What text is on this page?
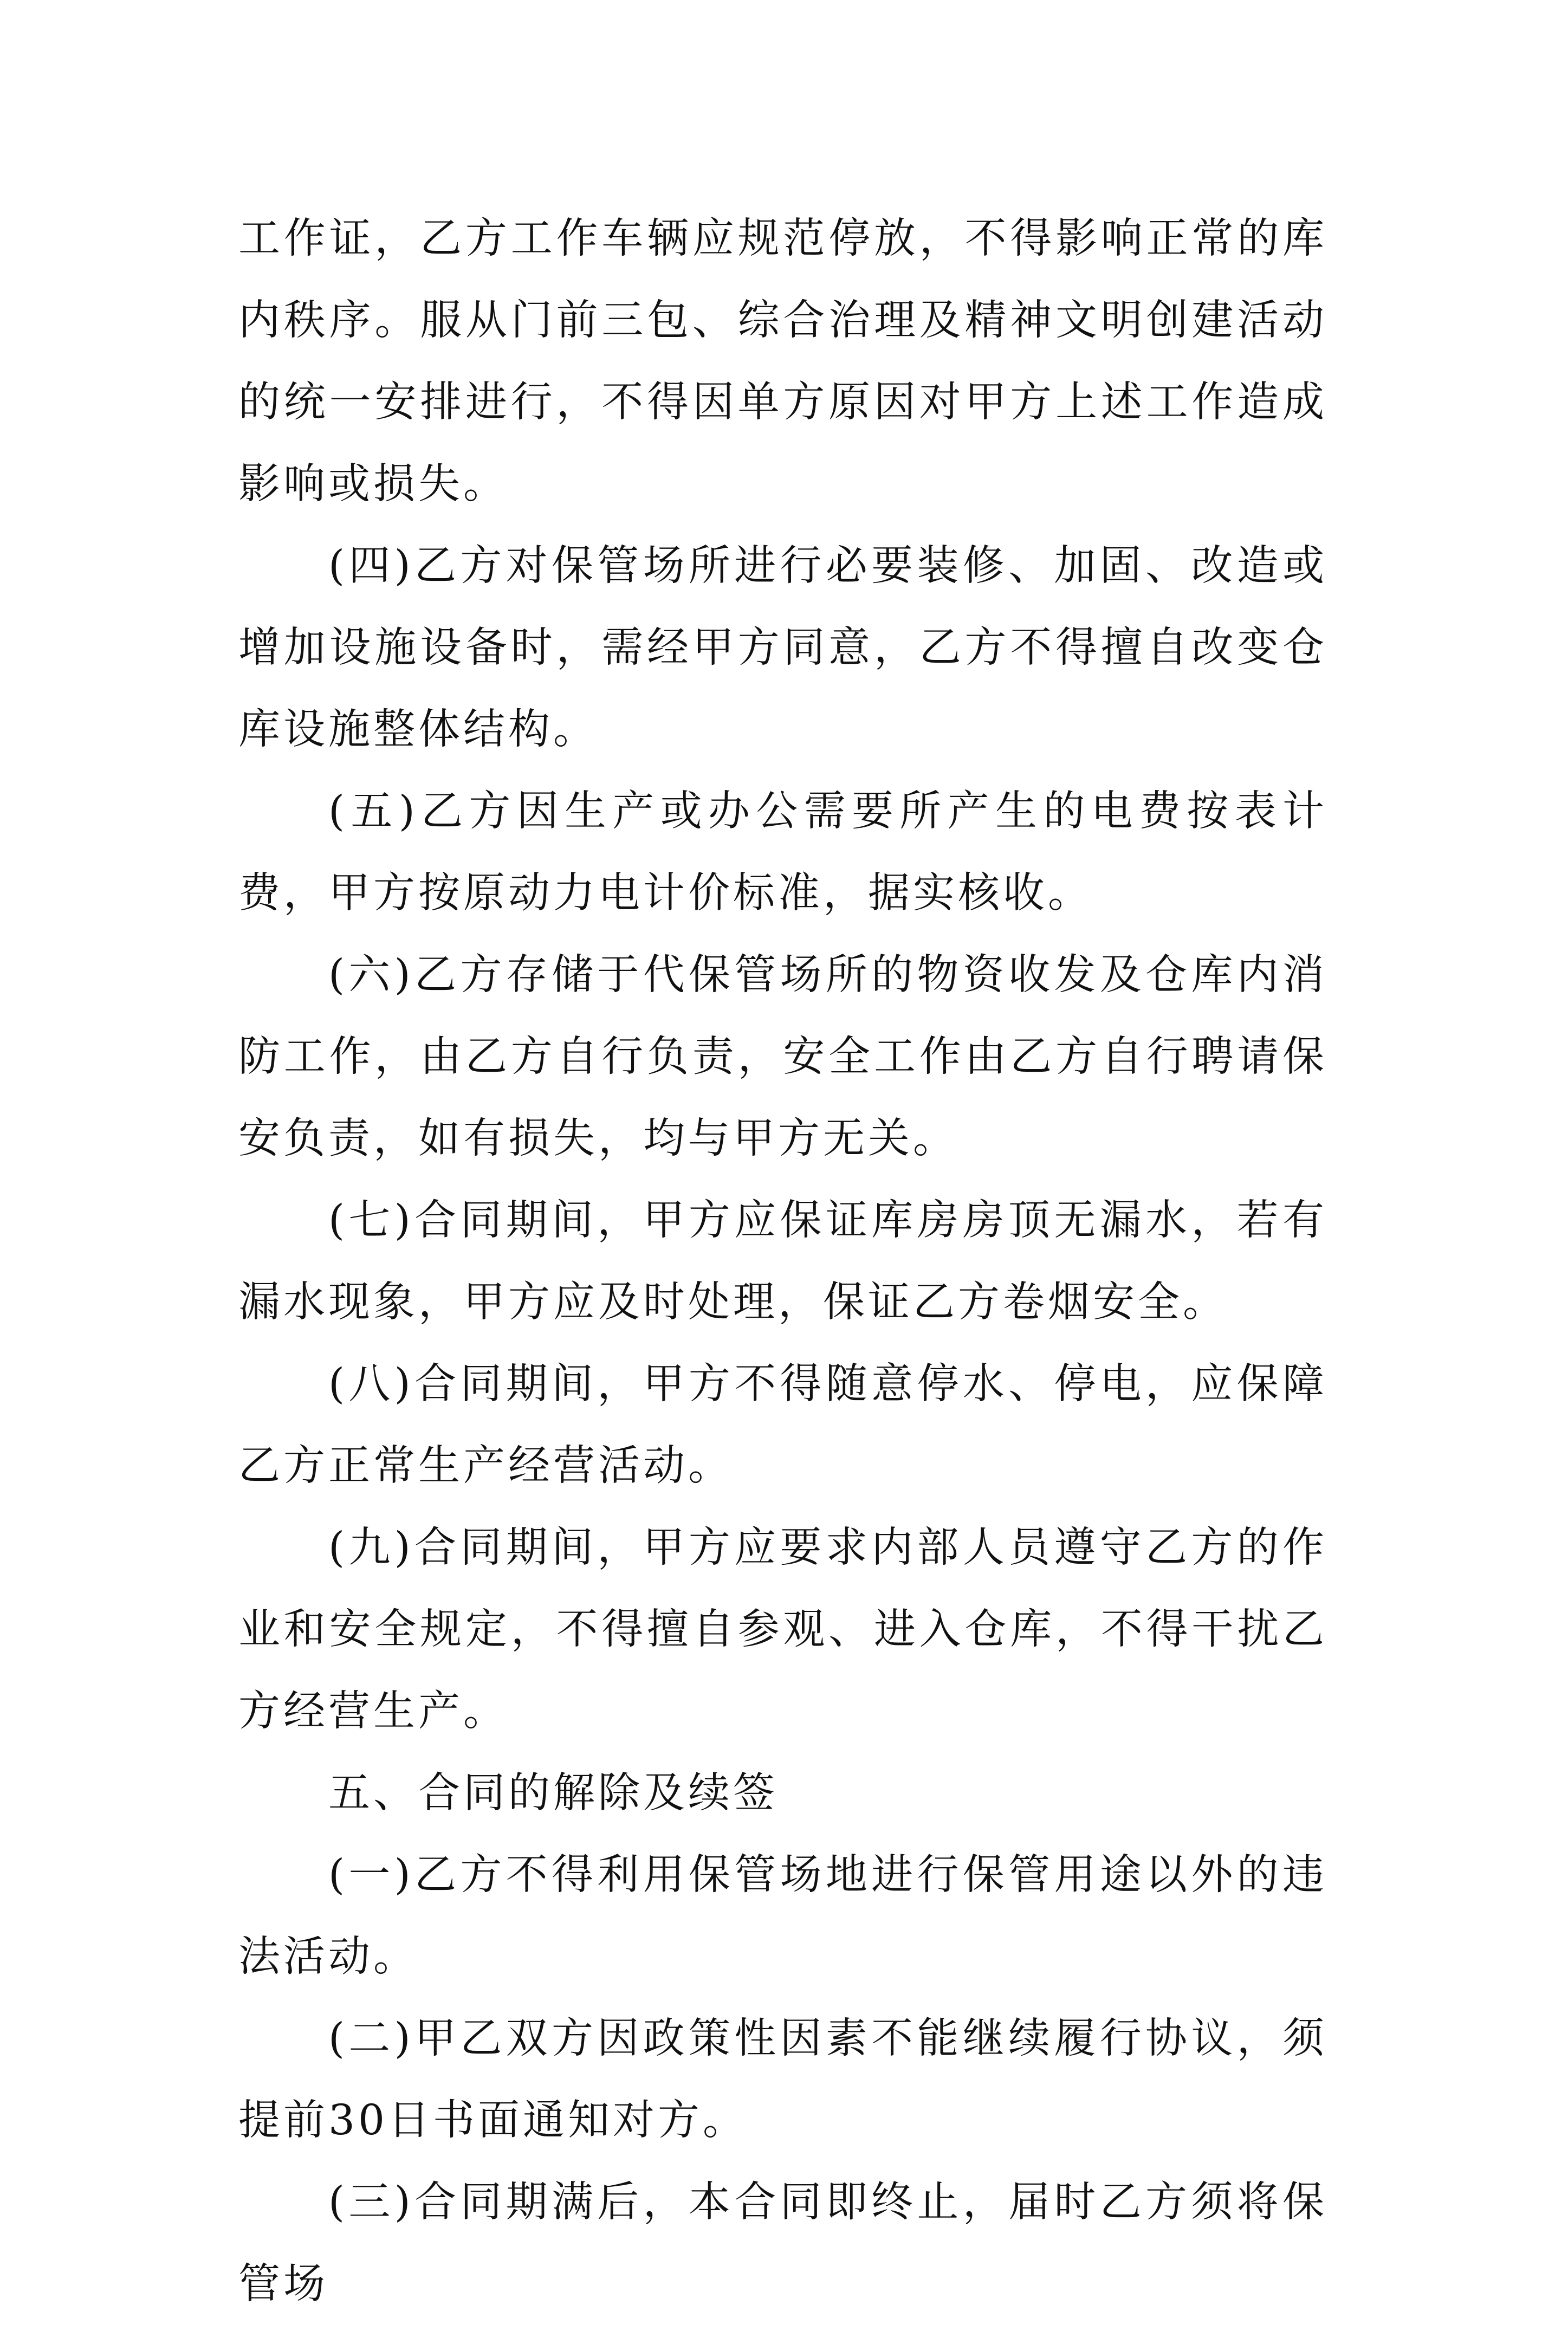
工作证，乙方工作车辆应规范停放，不得影响正常的库内秩序。服从门前三包、综合治理及精神文明创建活动的统一安排进行，不得因单方原因对甲方上述工作造成影响或损失。

(四)乙方对保管场所进行必要装修、加固、改造或增加设施设备时，需经甲方同意，乙方不得擅自改变仓库设施整体结构。

(五)乙方因生产或办公需要所产生的电费按表计费，甲方按原动力电计价标准，据实核收。

(六)乙方存储于代保管场所的物资收发及仓库内消防工作，由乙方自行负责，安全工作由乙方自行聘请保安负责，如有损失，均与甲方无关。

(七)合同期间，甲方应保证库房房顶无漏水，若有漏水现象，甲方应及时处理，保证乙方卷烟安全。

(八)合同期间，甲方不得随意停水、停电，应保障乙方正常生产经营活动。

(九)合同期间，甲方应要求内部人员遵守乙方的作业和安全规定，不得擅自参观、进入仓库，不得干扰乙方经营生产。

五、合同的解除及续签

(一)乙方不得利用保管场地进行保管用途以外的违法活动。

(二)甲乙双方因政策性因素不能继续履行协议，须提前30日书面通知对方。

(三)合同期满后，本合同即终止，届时乙方须将保管场
